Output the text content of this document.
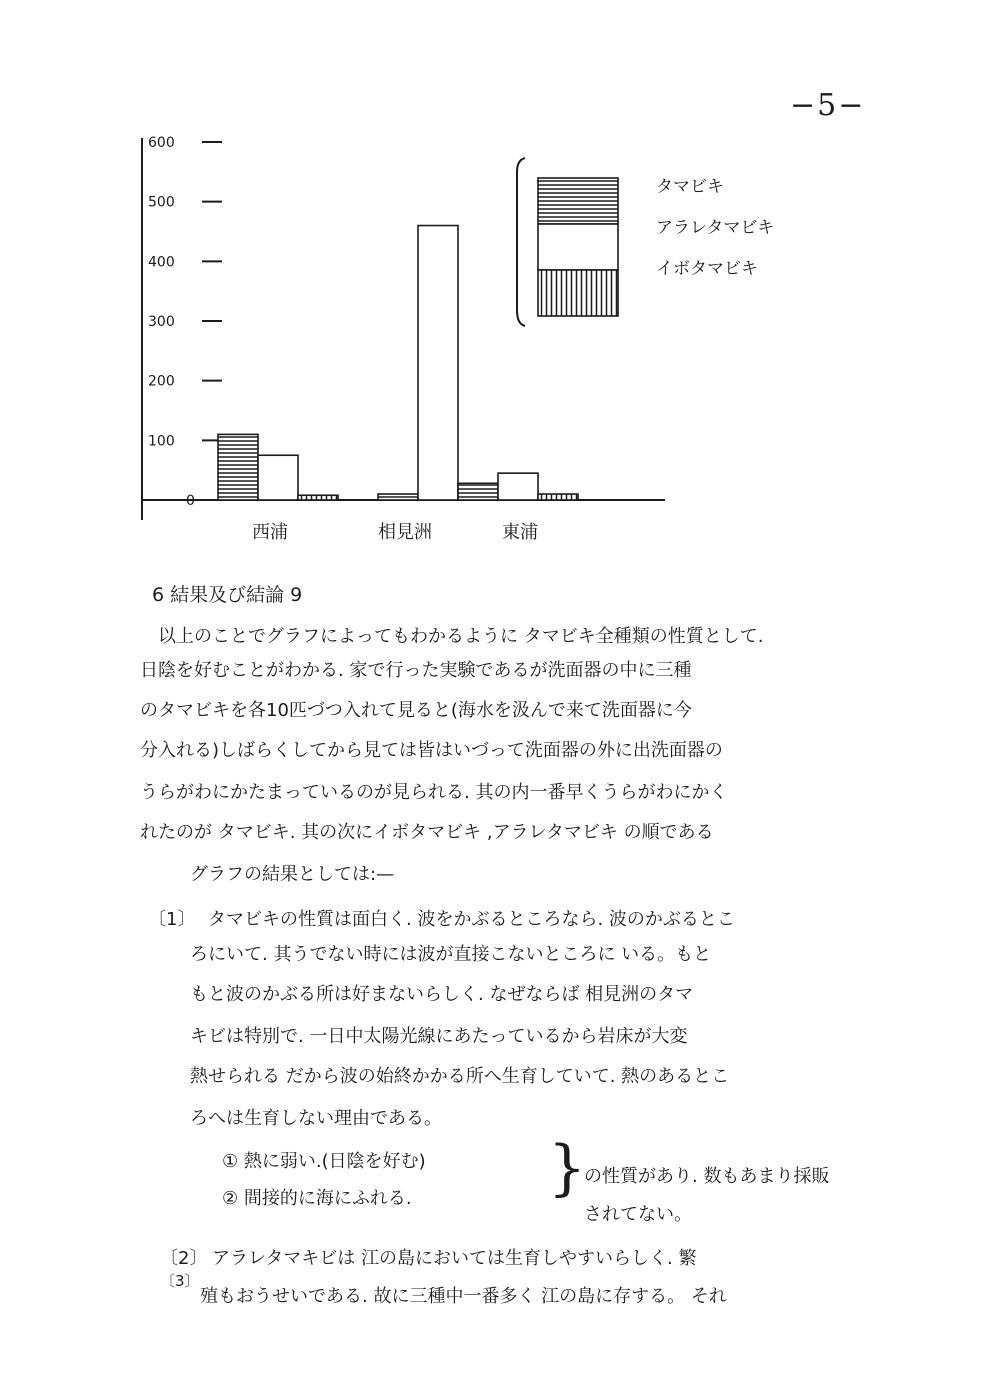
−5−
0
100
200
300
400
500
600
西浦	相見洲	東浦
タマビキ
アラレタマビキ
イボタマビキ
6 結果及び結論 9
以上のことでグラフによってもわかるように タマビキ全種類の性質として.
日陰を好むことがわかる. 家で行った実験であるが洗面器の中に三種
のタマビキを各10匹づつ入れて見ると(海水を汲んで来て洗面器に今
分入れる)しばらくしてから見ては皆はいづって洗面器の外に出洗面器の
うらがわにかたまっているのが見られる. 其の内一番早くうらがわにかく
れたのが タマビキ. 其の次にイボタマビキ ,アラレタマビキ の順である
グラフの結果としては:—
〔1〕 タマビキの性質は面白く. 波をかぶるところなら. 波のかぶるとこ
ろにいて. 其うでない時には波が直接こないところに いる。もと
もと波のかぶる所は好まないらしく. なぜならば 相見洲のタマ
キビは特別で. 一日中太陽光線にあたっているから岩床が大変
熱せられる だから波の始終かかる所へ生育していて. 熱のあるとこ
ろへは生育しない理由である。
① 熱に弱い.(日陰を好む)
② 間接的に海にふれる. }
の性質があり. 数もあまり採販
されてない。
〔2〕 アラレタマキビは 江の島においては生育しやすいらしく. 繁
〔3〕
殖もおうせいである. 故に三種中一番多く 江の島に存する。 それ
